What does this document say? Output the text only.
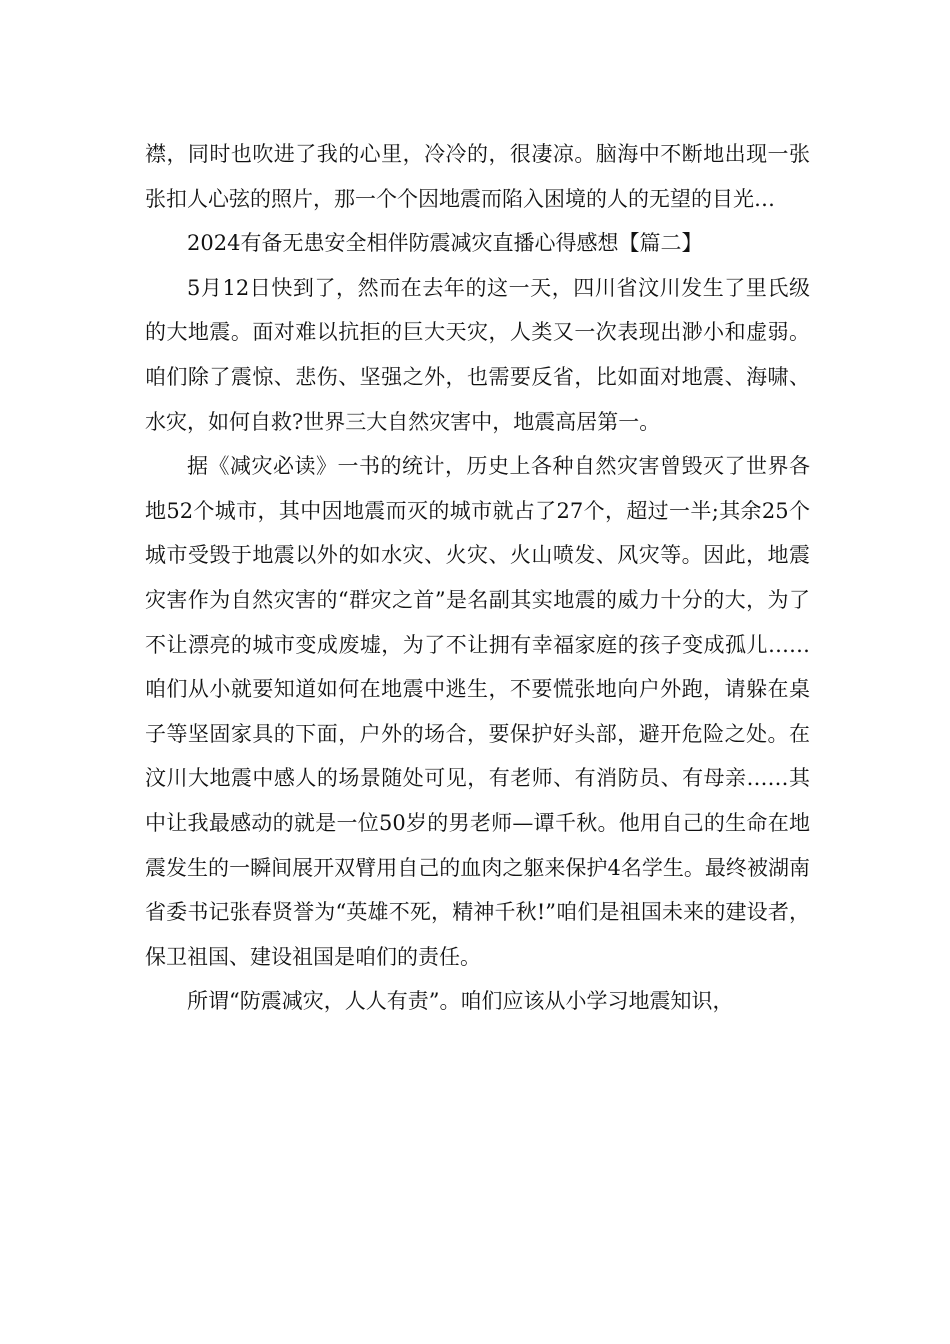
襟，同时也吹进了我的心里，冷冷的，很凄凉。脑海中不断地出现一张张扣人心弦的照片，那一个个因地震而陷入困境的人的无望的目光…

2024有备无患安全相伴防震减灾直播心得感想【篇二】

5月12日快到了，然而在去年的这一天，四川省汶川发生了里氏级的大地震。面对难以抗拒的巨大天灾，人类又一次表现出渺小和虚弱。咱们除了震惊、悲伤、坚强之外，也需要反省，比如面对地震、海啸、水灾，如何自救?世界三大自然灾害中，地震高居第一。

据《减灾必读》一书的统计，历史上各种自然灾害曾毁灭了世界各地52个城市，其中因地震而灭的城市就占了27个，超过一半;其余25个城市受毁于地震以外的如水灾、火灾、火山喷发、风灾等。因此，地震灾害作为自然灾害的“群灾之首”是名副其实地震的威力十分的大，为了不让漂亮的城市变成废墟，为了不让拥有幸福家庭的孩子变成孤儿……咱们从小就要知道如何在地震中逃生，不要慌张地向户外跑，请躲在桌子等坚固家具的下面，户外的场合，要保护好头部，避开危险之处。在汶川大地震中感人的场景随处可见，有老师、有消防员、有母亲……其中让我最感动的就是一位50岁的男老师—谭千秋。他用自己的生命在地震发生的一瞬间展开双臂用自己的血肉之躯来保护4名学生。最终被湖南省委书记张春贤誉为“英雄不死，精神千秋!”咱们是祖国未来的建设者，保卫祖国、建设祖国是咱们的责任。

所谓“防震减灾，人人有责”。咱们应该从小学习地震知识，
